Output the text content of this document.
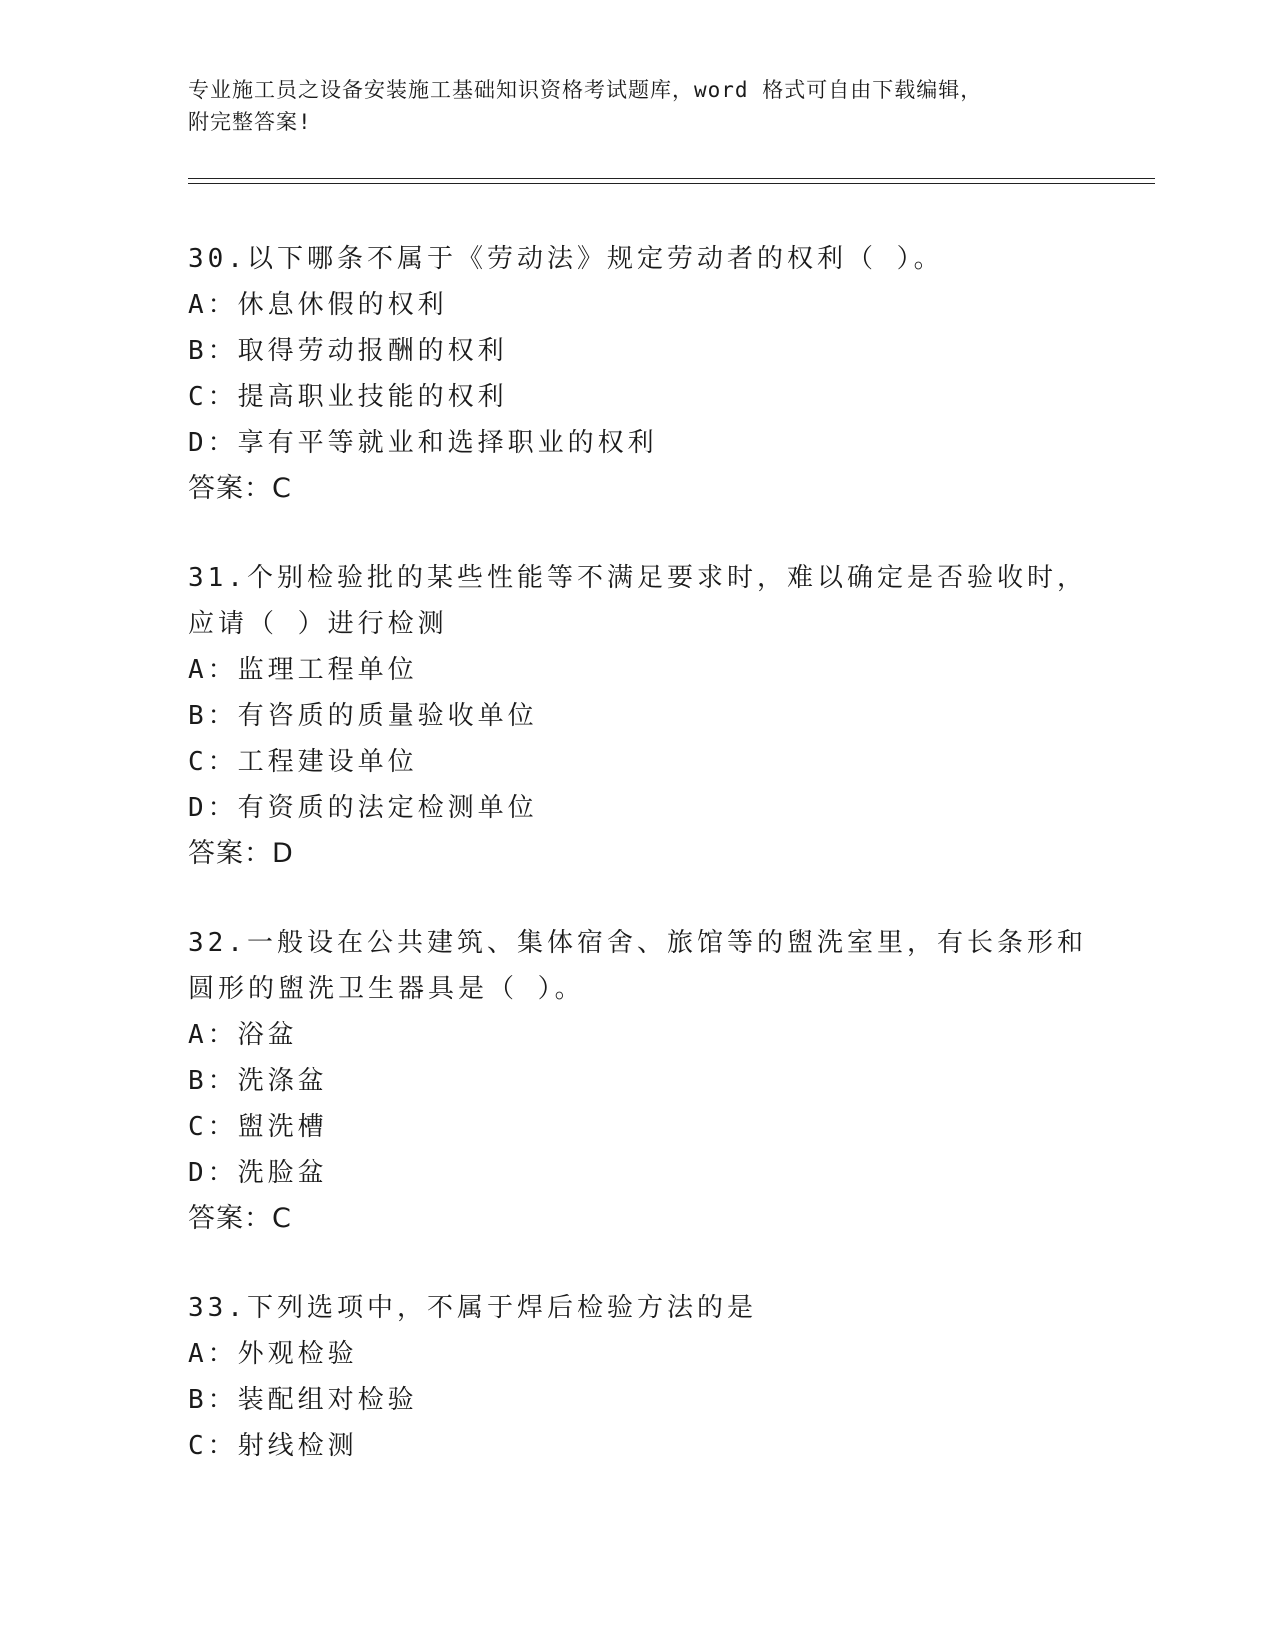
专业施工员之设备安装施工基础知识资格考试题库，word 格式可自由下载编辑，
附完整答案!
30.以下哪条不属于《劳动法》规定劳动者的权利（ ）。
A：休息休假的权利
B：取得劳动报酬的权利
C：提高职业技能的权利
D：享有平等就业和选择职业的权利
答案：C
31.个别检验批的某些性能等不满足要求时，难以确定是否验收时，应请（ ）进行检测
A：监理工程单位
B：有咨质的质量验收单位
C：工程建设单位
D：有资质的法定检测单位
答案：D
32.一般设在公共建筑、集体宿舍、旅馆等的盥洗室里，有长条形和圆形的盥洗卫生器具是（ ）。
A：浴盆
B：洗涤盆
C：盥洗槽
D：洗脸盆
答案：C
33.下列选项中，不属于焊后检验方法的是
A：外观检验
B：装配组对检验
C：射线检测
